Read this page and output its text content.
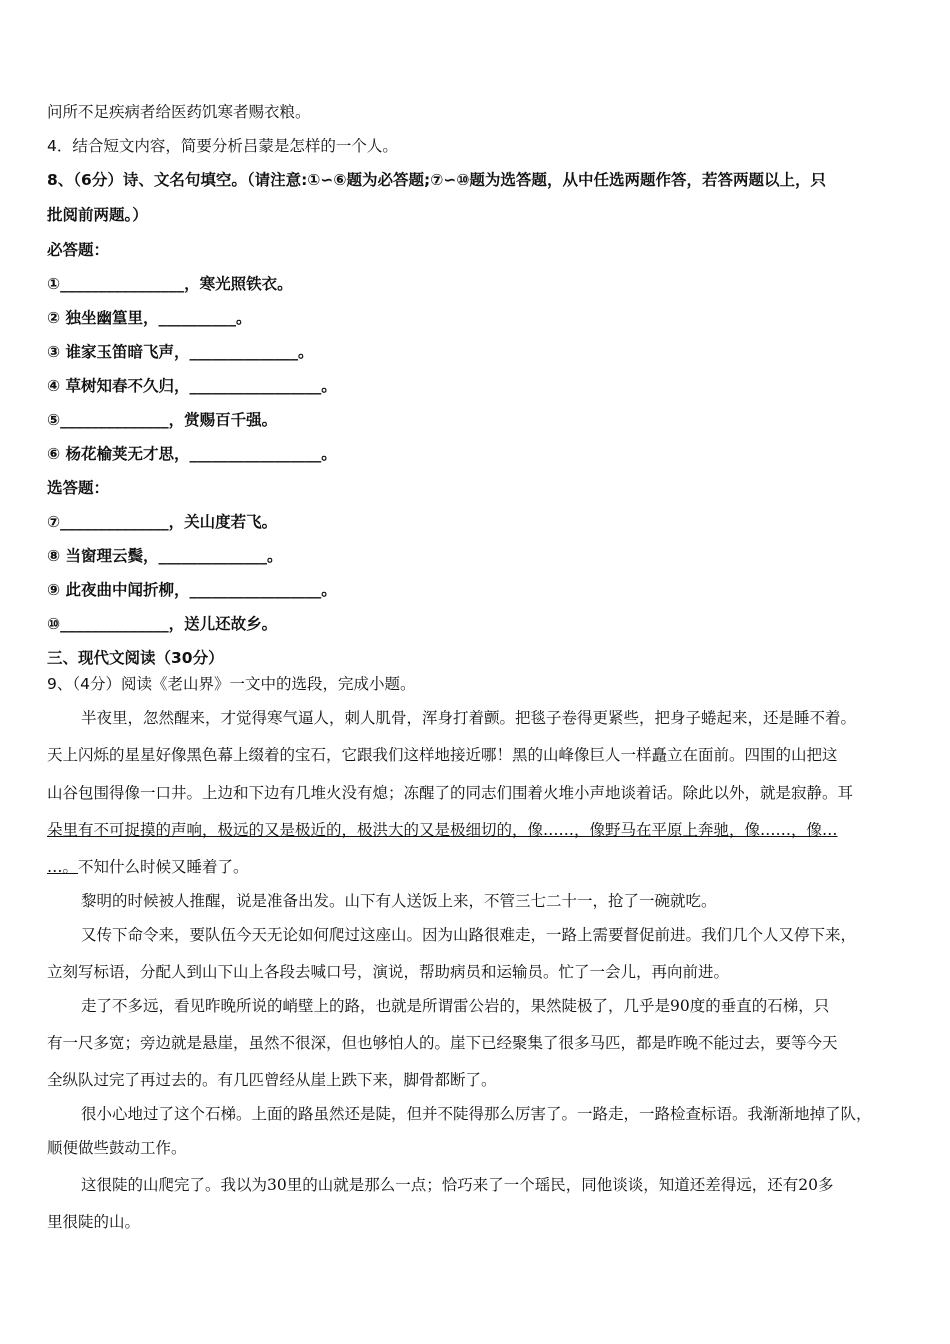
问所不足疾病者给医药饥寒者赐衣粮。
4．结合短文内容，简要分析吕蒙是怎样的一个人。
8、（6分）诗、文名句填空。（请注意:①∽⑥题为必答题;⑦∽⑩题为选答题，从中任选两题作答，若答两题以上，只
批阅前两题。）
必答题：
①________________，寒光照铁衣。
② 独坐幽篁里，__________。
③ 谁家玉笛暗飞声，______________。
④ 草树知春不久归，_________________。
⑤______________，赏赐百千强。
⑥ 杨花榆荚无才思，_________________。
选答题：
⑦______________，关山度若飞。
⑧ 当窗理云鬓，______________。
⑨ 此夜曲中闻折柳，_________________。
⑩______________，送儿还故乡。
三、现代文阅读（30分）
9、（4分）阅读《老山界》一文中的选段，完成小题。
半夜里，忽然醒来，才觉得寒气逼人，刺人肌骨，浑身打着颤。把毯子卷得更紧些，把身子蜷起来，还是睡不着。
天上闪烁的星星好像黑色幕上缀着的宝石，它跟我们这样地接近哪！黑的山峰像巨人一样矗立在面前。四围的山把这
山谷包围得像一口井。上边和下边有几堆火没有熄；冻醒了的同志们围着火堆小声地谈着话。除此以外，就是寂静。耳
朵里有不可捉摸的声响，极远的又是极近的，极洪大的又是极细切的，像……，像野马在平原上奔驰，像……，像…
…。不知什么时候又睡着了。
黎明的时候被人推醒，说是准备出发。山下有人送饭上来，不管三七二十一，抢了一碗就吃。
又传下命令来，要队伍今天无论如何爬过这座山。因为山路很难走，一路上需要督促前进。我们几个人又停下来，
立刻写标语，分配人到山下山上各段去喊口号，演说，帮助病员和运输员。忙了一会儿，再向前进。
走了不多远，看见昨晚所说的峭壁上的路，也就是所谓雷公岩的，果然陡极了，几乎是90度的垂直的石梯，只
有一尺多宽；旁边就是悬崖，虽然不很深，但也够怕人的。崖下已经聚集了很多马匹，都是昨晚不能过去，要等今天
全纵队过完了再过去的。有几匹曾经从崖上跌下来，脚骨都断了。
很小心地过了这个石梯。上面的路虽然还是陡，但并不陡得那么厉害了。一路走，一路检查标语。我渐渐地掉了队，
顺便做些鼓动工作。
这很陡的山爬完了。我以为30里的山就是那么一点；恰巧来了一个瑶民，同他谈谈，知道还差得远，还有20多
里很陡的山。
